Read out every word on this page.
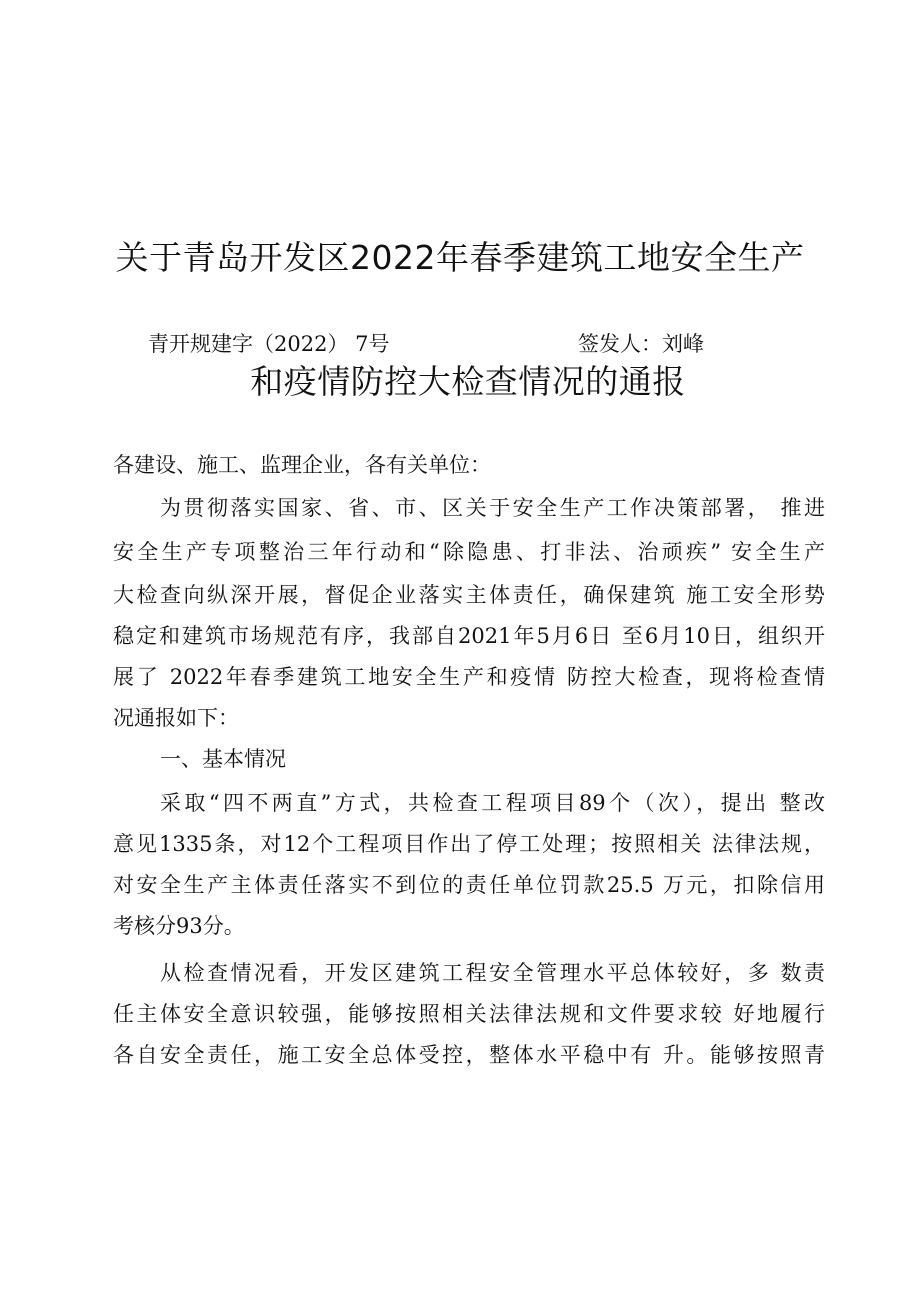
关于青岛开发区2022年春季建筑工地安全生产
青开规建字（2022） 7号	签发人：刘峰
和疫情防控大检查情况的通报
各建设、施工、监理企业，各有关单位：
为贯彻落实国家、省、市、区关于安全生产工作决策部署， 推进
安全生产专项整治三年行动和“除隐患、打非法、治顽疾” 安全生产
大检查向纵深开展，督促企业落实主体责任，确保建筑 施工安全形势
稳定和建筑市场规范有序，我部自2021年5月6日 至6月10日，组织开
展了 2022年春季建筑工地安全生产和疫情 防控大检查，现将检查情
况通报如下：
一、基本情况
采取“四不两直”方式，共检查工程项目89个（次），提出 整改
意见1335条，对12个工程项目作出了停工处理；按照相关 法律法规，
对安全生产主体责任落实不到位的责任单位罚款25.5 万元，扣除信用
考核分93分。
从检查情况看，开发区建筑工程安全管理水平总体较好，多 数责
任主体安全意识较强，能够按照相关法律法规和文件要求较 好地履行
各自安全责任，施工安全总体受控，整体水平稳中有 升。能够按照青
